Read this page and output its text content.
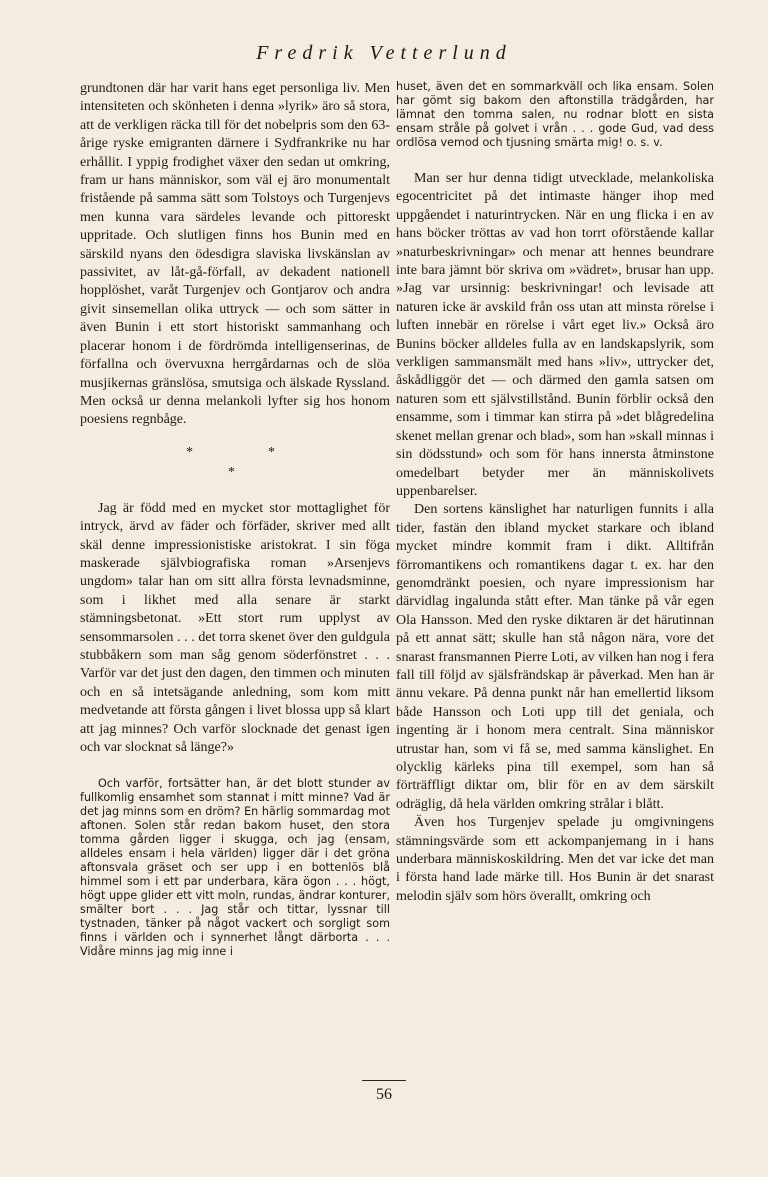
Fredrik Vetterlund

grundtonen där har varit hans eget personliga liv. Men intensiteten och skönheten i denna »lyrik» äro så stora, att de verkligen räcka till för det nobelpris som den 63-årige ryske emigranten därnere i Sydfrankrike nu har erhållit. I yppig frodighet växer den sedan ut omkring, fram ur hans människor, som väl ej äro monumentalt fristående på samma sätt som Tolstoys och Turgenjevs men kunna vara särdeles levande och pittoreskt uppritade. Och slutligen finns hos Bunin med en särskild nyans den ödesdigra slaviska livskänslan av passivitet, av låt-gå-förfall, av dekadent nationell hopplöshet, varåt Turgenjev och Gontjarov och andra givit sinsemellan olika uttryck — och som sätter in även Bunin i ett stort historiskt sammanhang och placerar honom i de fördrömda intelligenserinas, de förfallna och övervuxna herrgårdarnas och de slöa musjikernas gränslösa, smutsiga och älskade Ryssland. Men också ur denna melankoli lyfter sig hos honom poesiens regnbåge.

*	*
*

Jag är född med en mycket stor mottaglighet för intryck, ärvd av fäder och förfäder, skriver med allt skäl denne impressionistiske aristokrat. I sin föga maskerade självbiografiska roman »Arsenjevs ungdom» talar han om sitt allra första levnadsminne, som i likhet med alla senare är starkt stämningsbetonat. »Ett stort rum upplyst av sensommarsolen . . . det torra skenet över den guldgula stubbåkern som man såg genom söderfönstret . . . Varför var det just den dagen, den timmen och minuten och en så intetsägande anledning, som kom mitt medvetande att första gången i livet blossa upp så klart att jag minnes? Och varför slocknade det genast igen och var slocknat så länge?»

Och varför, fortsätter han, är det blott stunder av fullkomlig ensamhet som stannat i mitt minne? Vad är det jag minns som en dröm? En härlig sommardag mot aftonen. Solen står redan bakom huset, den stora tomma gården ligger i skugga, och jag (ensam, alldeles ensam i hela världen) ligger där i det gröna aftonsvala gräset och ser upp i en bottenlös blå himmel som i ett par underbara, kära ögon . . . högt, högt uppe glider ett vitt moln, rundas, ändrar konturer, smälter bort . . . Jag står och tittar, lyssnar till tystnaden, tänker på något vackert och sorgligt som finns i världen och i synnerhet långt därborta . . . Vidåre minns jag mig inne i

huset, även det en sommarkväll och lika ensam. Solen har gömt sig bakom den aftonstilla trädgården, har lämnat den tomma salen, nu rodnar blott en sista ensam stråle på golvet i vrån . . . gode Gud, vad dess ordlösa vemod och tjusning smärta mig! o. s. v.

Man ser hur denna tidigt utvecklade, melankoliska egocentricitet på det intimaste hänger ihop med uppgåendet i naturintrycken. När en ung flicka i en av hans böcker tröttas av vad hon torrt oförstående kallar »naturbeskrivningar» och menar att hennes beundrare inte bara jämnt bör skriva om »vädret», brusar han upp. »Jag var ursinnig: beskrivningar! och levisade att naturen icke är avskild från oss utan att minsta rörelse i luften innebär en rörelse i vårt eget liv.» Också äro Bunins böcker alldeles fulla av en landskapslyrik, som verkligen sammansmält med hans »liv», uttrycker det, åskådliggör det — och därmed den gamla satsen om naturen som ett självstillstånd. Bunin förblir också den ensamme, som i timmar kan stirra på »det blågredelina skenet mellan grenar och blad», som han »skall minnas i sin dödsstund» och som för hans innersta åtminstone omedelbart betyder mer än människolivets uppenbarelser.

Den sortens känslighet har naturligen funnits i alla tider, fastän den ibland mycket starkare och ibland mycket mindre kommit fram i dikt. Alltifrån förromantikens och romantikens dagar t. ex. har den genomdränkt poesien, och nyare impressionism har därvidlag ingalunda stått efter. Man tänke på vår egen Ola Hansson. Med den ryske diktaren är det härutinnan på ett annat sätt; skulle han stå någon nära, vore det snarast fransmannen Pierre Loti, av vilken han nog i fera fall till följd av själsfrändskap är påverkad. Men han är ännu vekare. På denna punkt når han emellertid liksom både Hansson och Loti upp till det geniala, och ingenting är i honom mera centralt. Sina människor utrustar han, som vi få se, med samma känslighet. En olycklig kärleks pina till exempel, som han så förträffligt diktar om, blir för en av dem särskilt odräglig, då hela världen omkring strålar i blått.

Även hos Turgenjev spelade ju omgivningens stämningsvärde som ett ackompanjemang in i hans underbara människoskildring. Men det var icke det man i första hand lade märke till. Hos Bunin är det snarast melodin själv som hörs överallt, omkring och

56
